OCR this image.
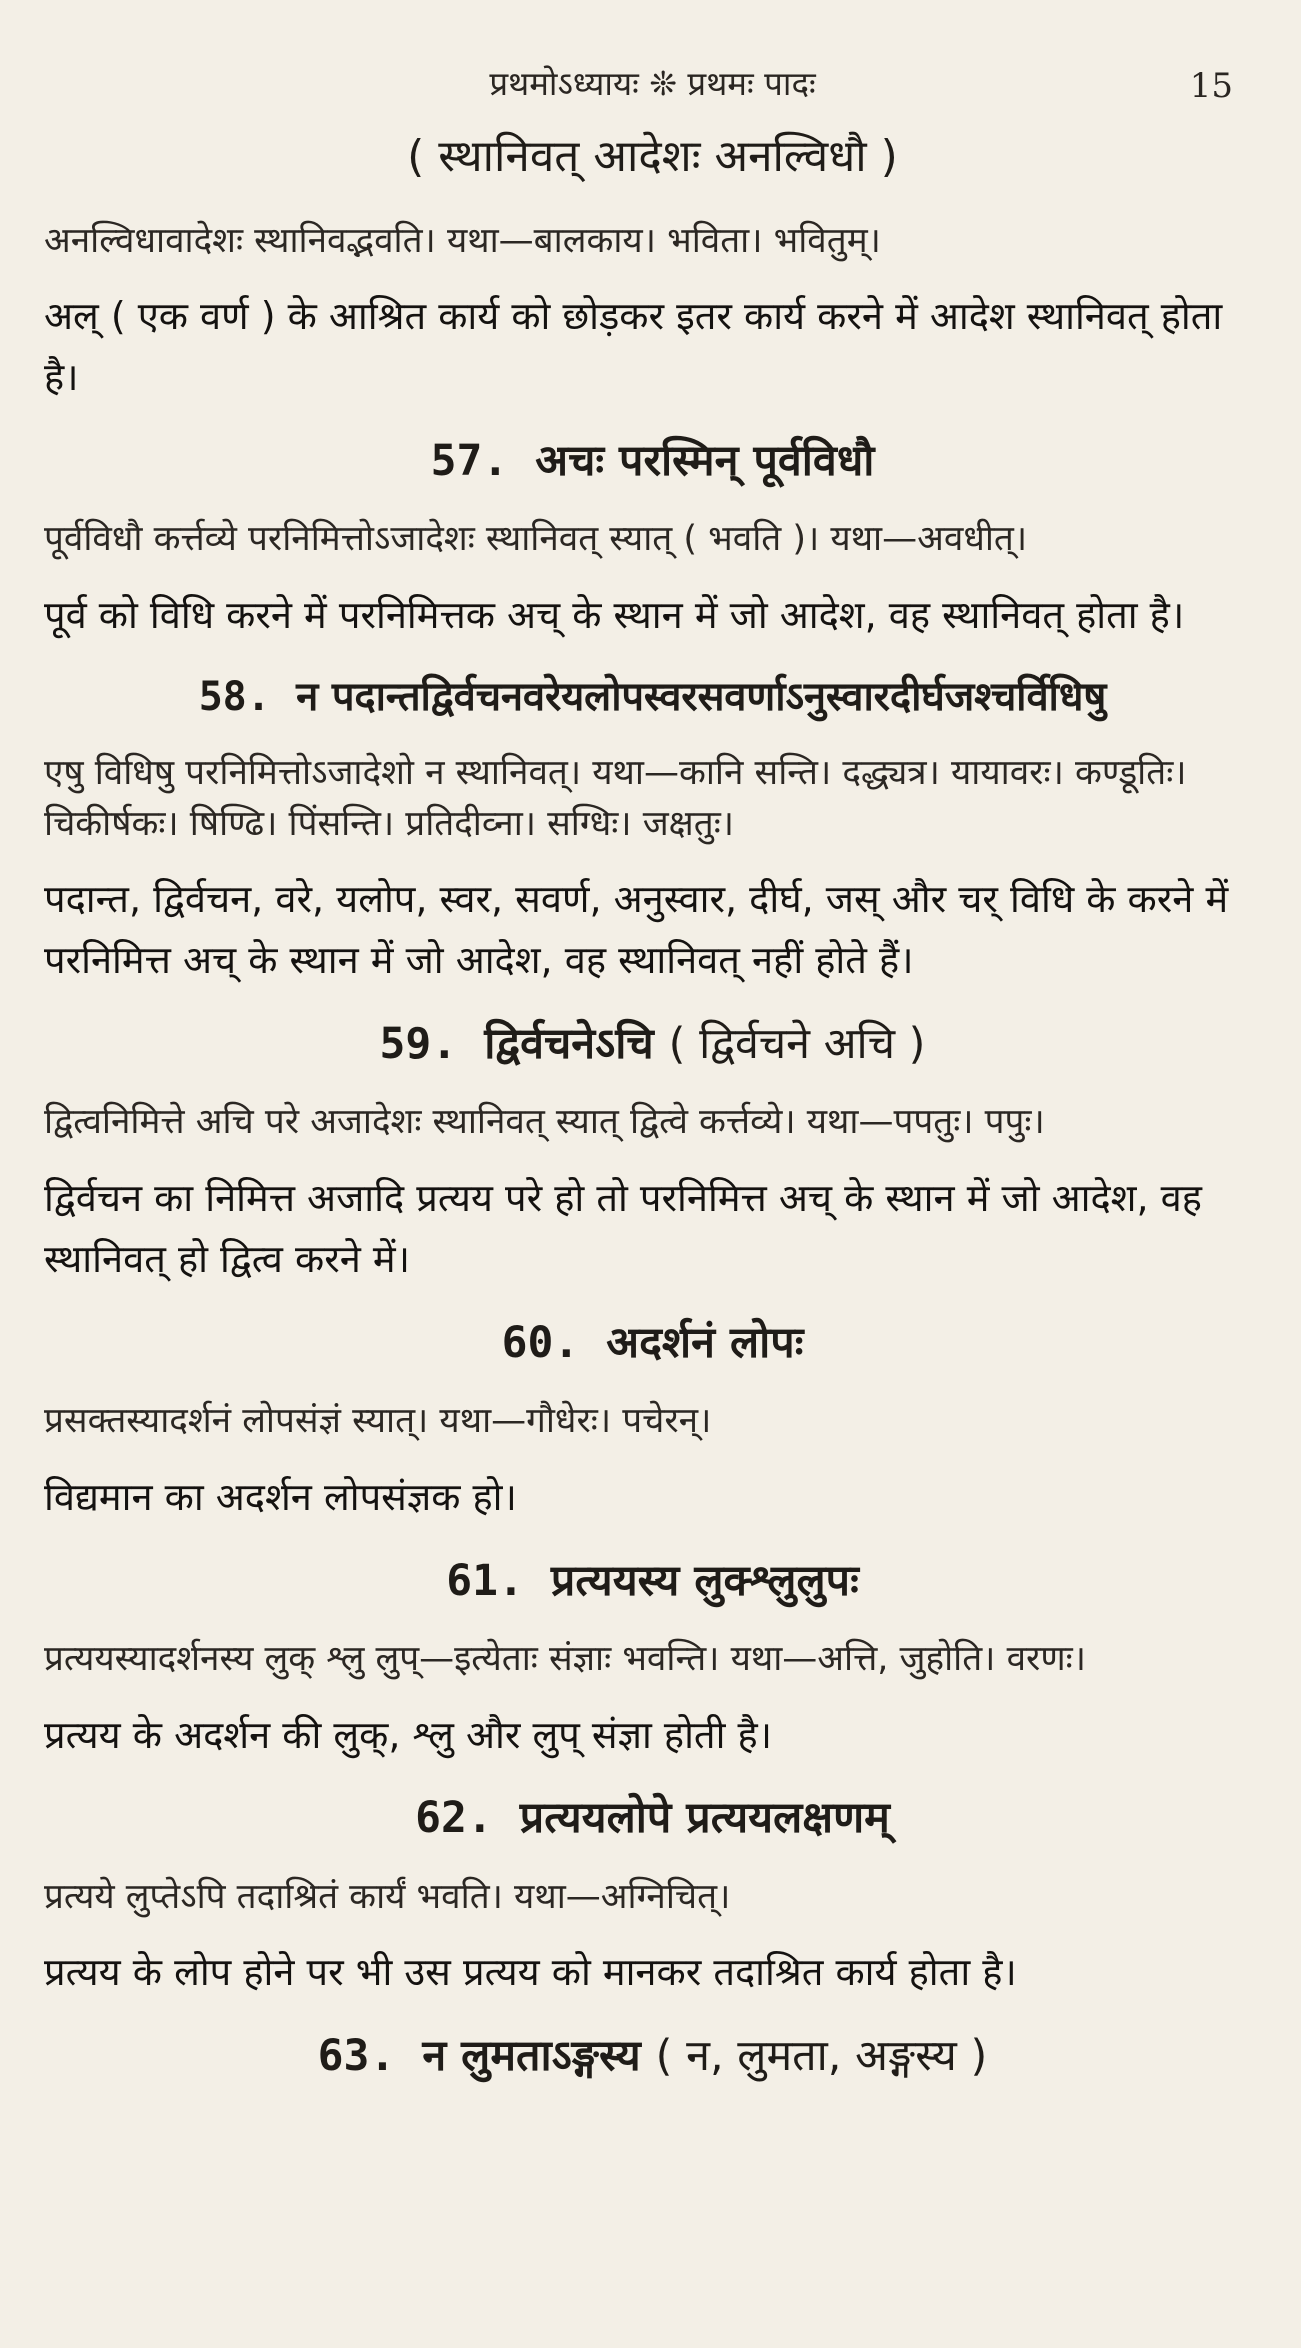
प्रथमोऽध्यायः ❊ प्रथमः पादः	15
( स्थानिवत् आदेशः अनल्विधौ )

अनल्विधावादेशः स्थानिवद्भवति। यथा—बालकाय। भविता। भवितुम्।

अल् ( एक वर्ण ) के आश्रित कार्य को छोड़कर इतर कार्य करने में आदेश स्थानिवत् होता है।

57. अचः परस्मिन् पूर्वविधौ

पूर्वविधौ कर्त्तव्ये परनिमित्तोऽजादेशः स्थानिवत् स्यात् ( भवति )। यथा—अवधीत्।

पूर्व को विधि करने में परनिमित्तक अच् के स्थान में जो आदेश, वह स्थानिवत् होता है।

58. न पदान्तद्विर्वचनवरेयलोपस्वरसवर्णाऽनुस्वारदीर्घजश्चर्विधिषु

एषु विधिषु परनिमित्तोऽजादेशो न स्थानिवत्। यथा—कानि सन्ति। दद्ध्यत्र। यायावरः। कण्डूतिः। चिकीर्षकः। षिण्ढि। पिंसन्ति। प्रतिदीव्ना। सग्धिः। जक्षतुः।

पदान्त, द्विर्वचन, वरे, यलोप, स्वर, सवर्ण, अनुस्वार, दीर्घ, जस् और चर् विधि के करने में परनिमित्त अच् के स्थान में जो आदेश, वह स्थानिवत् नहीं होते हैं।

59. द्विर्वचनेऽचि ( द्विर्वचने अचि )

द्वित्वनिमित्ते अचि परे अजादेशः स्थानिवत् स्यात् द्वित्वे कर्त्तव्ये। यथा—पपतुः। पपुः।

द्विर्वचन का निमित्त अजादि प्रत्यय परे हो तो परनिमित्त अच् के स्थान में जो आदेश, वह स्थानिवत् हो द्वित्व करने में।

60. अदर्शनं लोपः

प्रसक्तस्यादर्शनं लोपसंज्ञं स्यात्। यथा—गौधेरः। पचेरन्।

विद्यमान का अदर्शन लोपसंज्ञक हो।

61. प्रत्ययस्य लुक्श्लुलुपः

प्रत्ययस्यादर्शनस्य लुक् श्लु लुप्—इत्येताः संज्ञाः भवन्ति। यथा—अत्ति, जुहोति। वरणः।

प्रत्यय के अदर्शन की लुक्, श्लु और लुप् संज्ञा होती है।

62. प्रत्ययलोपे प्रत्ययलक्षणम्

प्रत्यये लुप्तेऽपि तदाश्रितं कार्यं भवति। यथा—अग्निचित्।

प्रत्यय के लोप होने पर भी उस प्रत्यय को मानकर तदाश्रित कार्य होता है।

63. न लुमताऽङ्गस्य ( न, लुमता, अङ्गस्य )
